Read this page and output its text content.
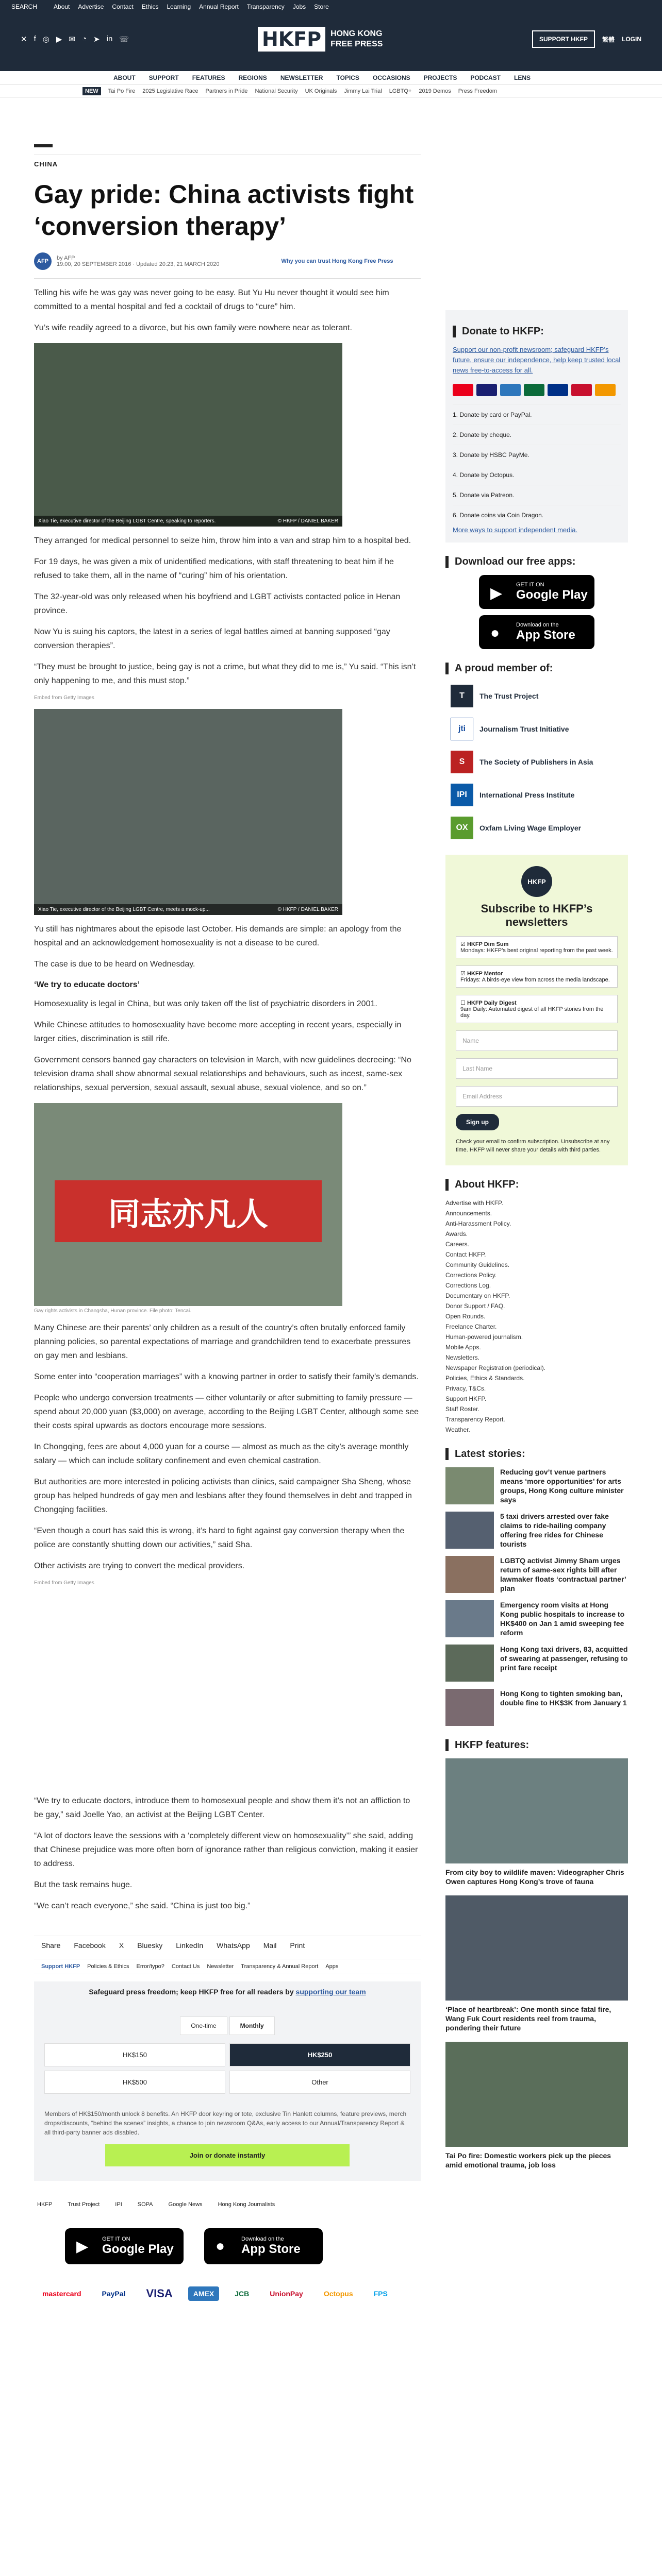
SEARCH	About Advertise Contact Ethics Learning Annual Report Transparency Jobs Store
✕ f ◎ ▶ ✉ ◔ ➤ in ☏	HKFP	HONG KONG
FREE PRESS
SUPPORT HKFP	繁體 LOGIN
ABOUT SUPPORT FEATURES REGIONS NEWSLETTER TOPICS OCCASIONS PROJECTS PODCAST LENS
NEW	Tai Po Fire 2025 Legislative Race Partners in Pride National Security UK Originals Jimmy Lai Trial LGBTQ+ 2019 Demos Press Freedom
CHINA
Gay pride: China activists fight ‘conversion therapy’
AFP	by AFP
19:00, 20 SEPTEMBER 2016 · Updated 20:23, 21 MARCH 2020	Why you can trust Hong Kong Free Press

Telling his wife he was gay was never going to be easy. But Yu Hu never thought it would see him committed to a mental hospital and fed a cocktail of drugs to “cure” him.

Yu’s wife readily agreed to a divorce, but his own family were nowhere near as tolerant.

Xiao Tie, executive director of the Beijing LGBT Centre, speaking to reporters.	© HKFP / DANIEL BAKER

They arranged for medical personnel to seize him, throw him into a van and strap him to a hospital bed.

For 19 days, he was given a mix of unidentified medications, with staff threatening to beat him if he refused to take them, all in the name of “curing” him of his orientation.

The 32-year-old was only released when his boyfriend and LGBT activists contacted police in Henan province.

Now Yu is suing his captors, the latest in a series of legal battles aimed at banning supposed “gay conversion therapies”.

“They must be brought to justice, being gay is not a crime, but what they did to me is,” Yu said. “This isn’t only happening to me, and this must stop.”

Embed from Getty Images
Xiao Tie, executive director of the Beijing LGBT Centre, meets a mock-up...	© HKFP / DANIEL BAKER

Yu still has nightmares about the episode last October. His demands are simple: an apology from the hospital and an acknowledgement homosexuality is not a disease to be cured.

The case is due to be heard on Wednesday.

‘We try to educate doctors’

Homosexuality is legal in China, but was only taken off the list of psychiatric disorders in 2001.

While Chinese attitudes to homosexuality have become more accepting in recent years, especially in larger cities, discrimination is still rife.

Government censors banned gay characters on television in March, with new guidelines decreeing: “No television drama shall show abnormal sexual relationships and behaviours, such as incest, same-sex relationships, sexual perversion, sexual assault, sexual abuse, sexual violence, and so on.”

同志亦凡人
Gay rights activists in Changsha, Hunan province. File photo: Tencai.

Many Chinese are their parents’ only children as a result of the country’s often brutally enforced family planning policies, so parental expectations of marriage and grandchildren tend to exacerbate pressures on gay men and lesbians.

Some enter into “cooperation marriages” with a knowing partner in order to satisfy their family’s demands.

People who undergo conversion treatments — either voluntarily or after submitting to family pressure — spend about 20,000 yuan ($3,000) on average, according to the Beijing LGBT Center, although some see their costs spiral upwards as doctors encourage more sessions.

In Chongqing, fees are about 4,000 yuan for a course — almost as much as the city’s average monthly salary — which can include solitary confinement and even chemical castration.

But authorities are more interested in policing activists than clinics, said campaigner Sha Sheng, whose group has helped hundreds of gay men and lesbians after they found themselves in debt and trapped in Chongqing facilities.

“Even though a court has said this is wrong, it’s hard to fight against gay conversion therapy when the police are constantly shutting down our activities,” said Sha.

Other activists are trying to convert the medical providers.

Embed from Getty Images

“We try to educate doctors, introduce them to homosexual people and show them it’s not an affliction to be gay,” said Joelle Yao, an activist at the Beijing LGBT Center.

“A lot of doctors leave the sessions with a ‘completely different view on homosexuality’” she said, adding that Chinese prejudice was more often born of ignorance rather than religious conviction, making it easier to address.

But the task remains huge.

“We can’t reach everyone,” she said. “China is just too big.”

Share Facebook X Bluesky LinkedIn WhatsApp Mail Print
Support HKFP Policies & Ethics Error/typo? Contact Us Newsletter Transparency & Annual Report Apps
Safeguard press freedom; keep HKFP free for all readers by supporting our team
One-time	Monthly
HK$150	HK$250
HK$500	Other
Members of HK$150/month unlock 8 benefits. An HKFP door keyring or tote, exclusive Tin Hanlett columns, feature previews, merch drops/discounts, “behind the scenes” insights, a chance to join newsroom Q&As, early access to our Annual/Transparency Report & all third-party banner ads disabled.
Join or donate instantly
HKFP	Trust Project	IPI	SOPA	Google News	Hong Kong Journalists
▶ GET IT ON
Google Play	●	Download on the
App Store
mastercard	PayPal	VISA	AMEX	JCB	UnionPay	Octopus	FPS
Donate to HKFP:
Support our non-profit newsroom; safeguard HKFP’s future, ensure our independence, help keep trusted local news free-to-access for all.
1. Donate by card or PayPal.
2. Donate by cheque.
3. Donate by HSBC PayMe.
4. Donate by Octopus.
5. Donate via Patreon.
6. Donate coins via Coin Dragon.
More ways to support independent media.
Download our free apps:
▶ GET IT ON
Google Play
●	Download on the
App Store
A proud member of:
T	The Trust Project
jti	Journalism Trust Initiative
S	The Society of Publishers in Asia
IPI	International Press Institute
OX	Oxfam Living Wage Employer
HKFP
Subscribe to HKFP’s newsletters
☑ HKFP Dim Sum
Mondays: HKFP’s best original reporting from the past week.
☑ HKFP Mentor
Fridays: A birds-eye view from across the media landscape.
☐ HKFP Daily Digest
9am Daily: Automated digest of all HKFP stories from the day.
Name
Last Name
Email Address
Sign up
Check your email to confirm subscription. Unsubscribe at any time. HKFP will never share your details with third parties.
About HKFP:
Advertise with HKFP.
Announcements.
Anti-Harassment Policy.
Awards.
Careers.
Contact HKFP.
Community Guidelines.
Corrections Policy.
Corrections Log.
Documentary on HKFP.
Donor Support / FAQ.
Open Rounds.
Freelance Charter.
Human-powered journalism.
Mobile Apps.
Newsletters.
Newspaper Registration (periodical).
Policies, Ethics & Standards.
Privacy, T&Cs.
Support HKFP.
Staff Roster.
Transparency Report.
Weather.
Latest stories:
Reducing gov’t venue partners means ‘more opportunities’ for arts groups, Hong Kong culture minister says
5 taxi drivers arrested over fake claims to ride-hailing company offering free rides for Chinese tourists
LGBTQ activist Jimmy Sham urges return of same-sex rights bill after lawmaker floats ‘contractual partner’ plan
Emergency room visits at Hong Kong public hospitals to increase to HK$400 on Jan 1 amid sweeping fee reform
Hong Kong taxi drivers, 83, acquitted of swearing at passenger, refusing to print fare receipt
Hong Kong to tighten smoking ban, double fine to HK$3K from January 1
HKFP features:
From city boy to wildlife maven: Videographer Chris Owen captures Hong Kong’s trove of fauna
‘Place of heartbreak’: One month since fatal fire, Wang Fuk Court residents reel from trauma, pondering their future
Tai Po fire: Domestic workers pick up the pieces amid emotional trauma, job loss
